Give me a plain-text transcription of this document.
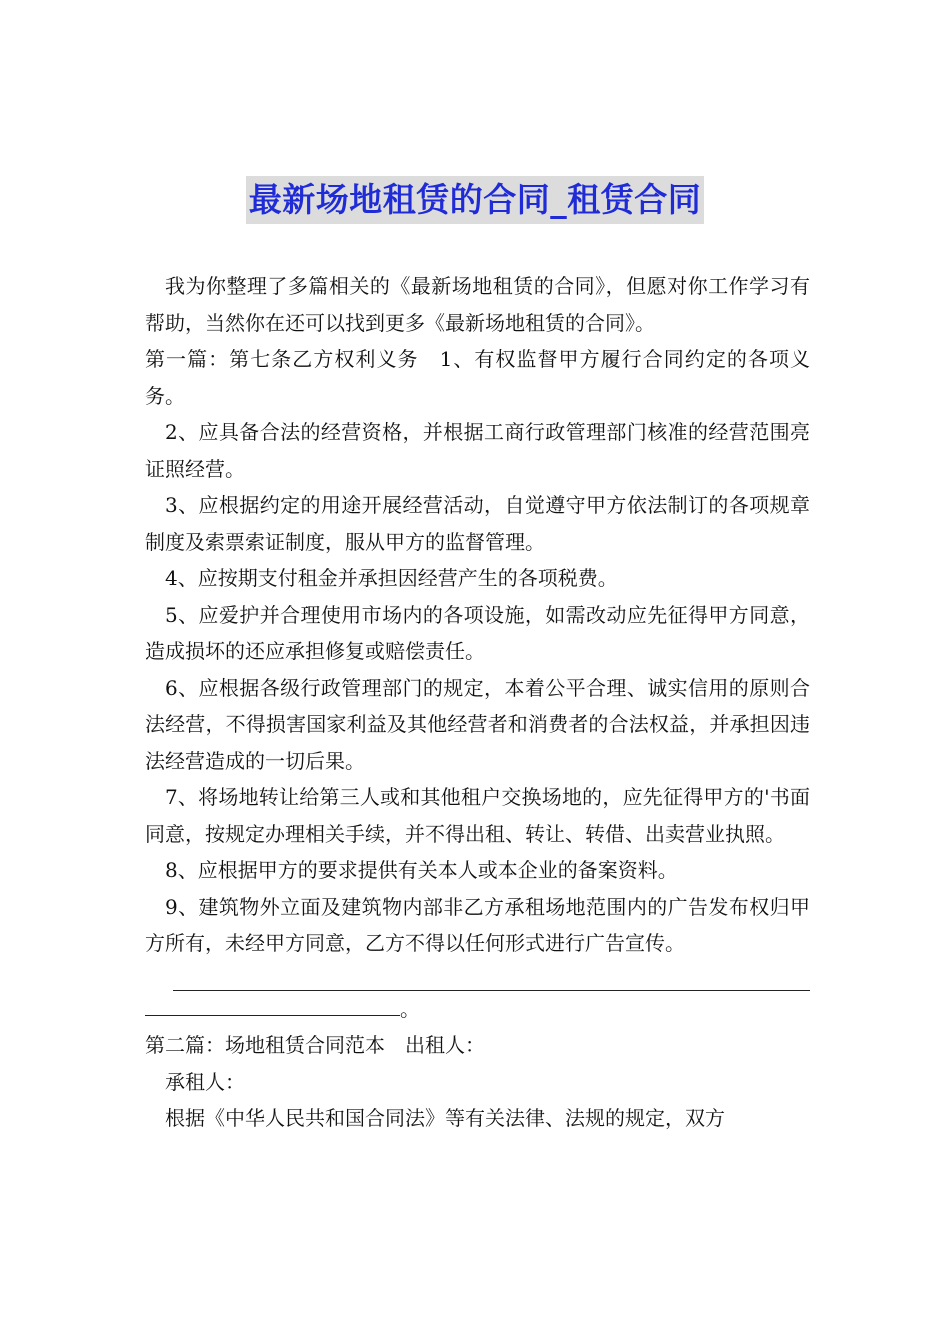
最新场地租赁的合同_租赁合同

我为你整理了多篇相关的《最新场地租赁的合同》，但愿对你工作学习有帮助，当然你在还可以找到更多《最新场地租赁的合同》。

第一篇：第七条乙方权利义务　1、有权监督甲方履行合同约定的各项义务。

2、应具备合法的经营资格，并根据工商行政管理部门核准的经营范围亮证照经营。

3、应根据约定的用途开展经营活动，自觉遵守甲方依法制订的各项规章制度及索票索证制度，服从甲方的监督管理。

4、应按期支付租金并承担因经营产生的各项税费。

5、应爱护并合理使用市场内的各项设施，如需改动应先征得甲方同意，造成损坏的还应承担修复或赔偿责任。

6、应根据各级行政管理部门的规定，本着公平合理、诚实信用的原则合法经营，不得损害国家利益及其他经营者和消费者的合法权益，并承担因违法经营造成的一切后果。

7、将场地转让给第三人或和其他租户交换场地的，应先征得甲方的'书面同意，按规定办理相关手续，并不得出租、转让、转借、出卖营业执照。

8、应根据甲方的要求提供有关本人或本企业的备案资料。

9、建筑物外立面及建筑物内部非乙方承租场地范围内的广告发布权归甲方所有，未经甲方同意，乙方不得以任何形式进行广告宣传。

。

第二篇：场地租赁合同范本　出租人：

承租人：

根据《中华人民共和国合同法》等有关法律、法规的规定，双方
